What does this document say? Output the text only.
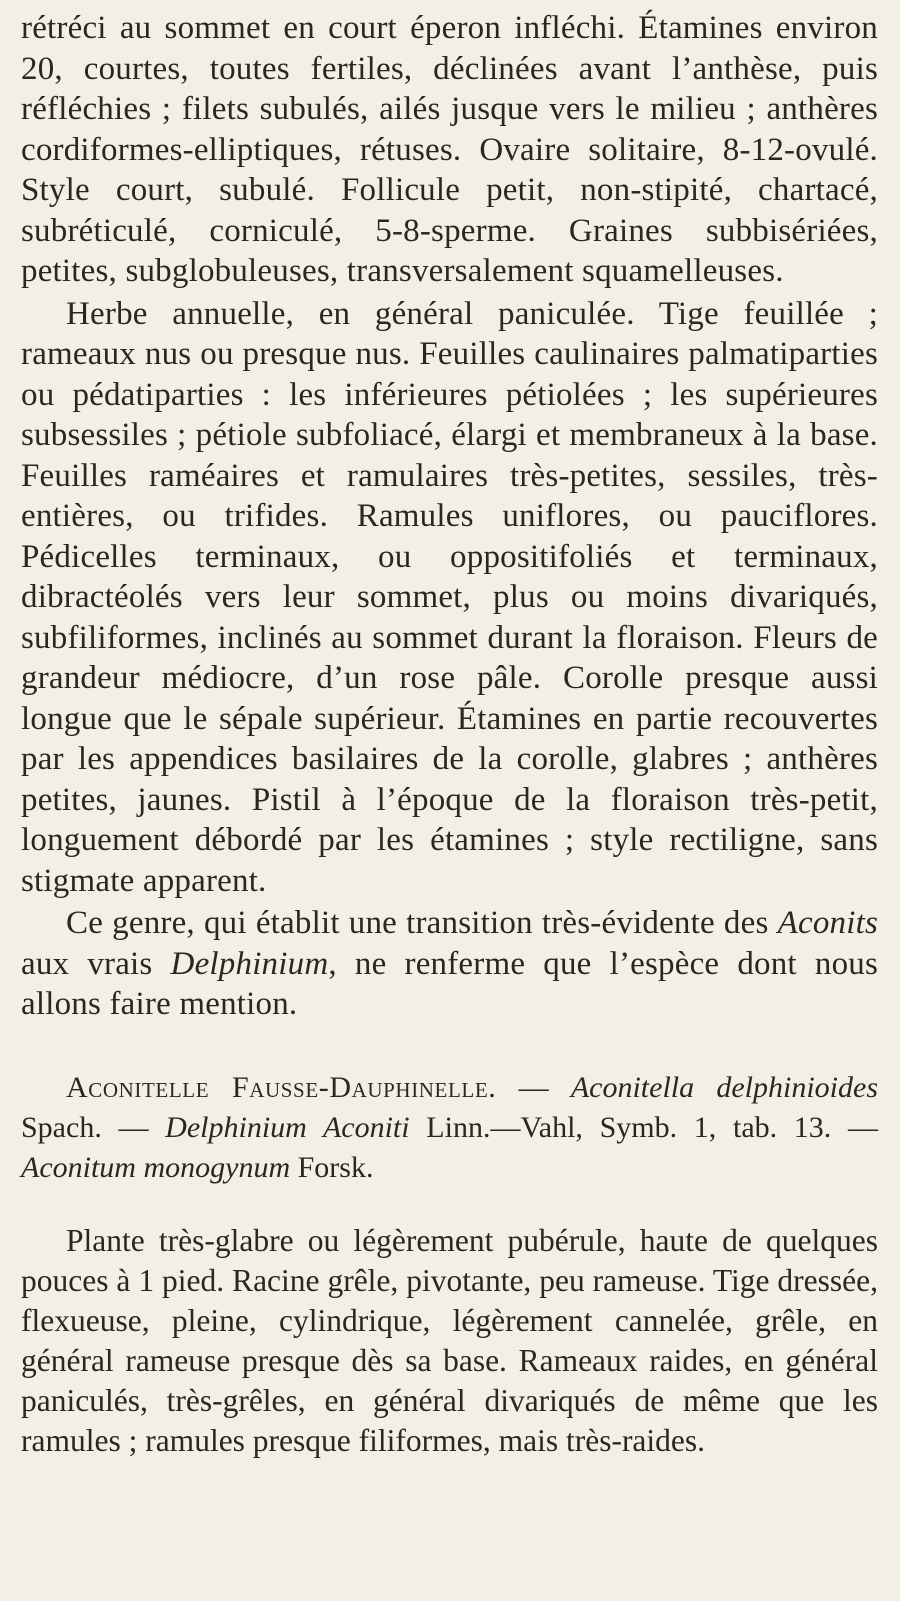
rétréci au sommet en court éperon infléchi. Étamines environ 20, courtes, toutes fertiles, déclinées avant l’anthèse, puis réfléchies ; filets subulés, ailés jusque vers le milieu ; anthères cordiformes-elliptiques, rétuses. Ovaire solitaire, 8-12-ovulé. Style court, subulé. Follicule petit, non-stipité, chartacé, subréticulé, corniculé, 5-8-sperme. Graines subbisériées, petites, subglobuleuses, transversalement squamelleuses.

Herbe annuelle, en général paniculée. Tige feuillée ; rameaux nus ou presque nus. Feuilles caulinaires palmatiparties ou pédatiparties : les inférieures pétiolées ; les supérieures subsessiles ; pétiole subfoliacé, élargi et membraneux à la base. Feuilles raméaires et ramulaires très-petites, sessiles, très-entières, ou trifides. Ramules uniflores, ou pauciflores. Pédicelles terminaux, ou oppositifoliés et terminaux, dibractéolés vers leur sommet, plus ou moins divariqués, subfiliformes, inclinés au sommet durant la floraison. Fleurs de grandeur médiocre, d’un rose pâle. Corolle presque aussi longue que le sépale supérieur. Étamines en partie recouvertes par les appendices basilaires de la corolle, glabres ; anthères petites, jaunes. Pistil à l’époque de la floraison très-petit, longuement débordé par les étamines ; style rectiligne, sans stigmate apparent.

Ce genre, qui établit une transition très-évidente des Aconits aux vrais Delphinium, ne renferme que l’espèce dont nous allons faire mention.

Aconitelle Fausse-Dauphinelle. — Aconitella delphinioides Spach. — Delphinium Aconiti Linn.—Vahl, Symb. 1, tab. 13. — Aconitum monogynum Forsk.

Plante très-glabre ou légèrement pubérule, haute de quelques pouces à 1 pied. Racine grêle, pivotante, peu rameuse. Tige dressée, flexueuse, pleine, cylindrique, légèrement cannelée, grêle, en général rameuse presque dès sa base. Rameaux raides, en général paniculés, très-grêles, en général divariqués de même que les ramules ; ramules presque filiformes, mais très-raides.
